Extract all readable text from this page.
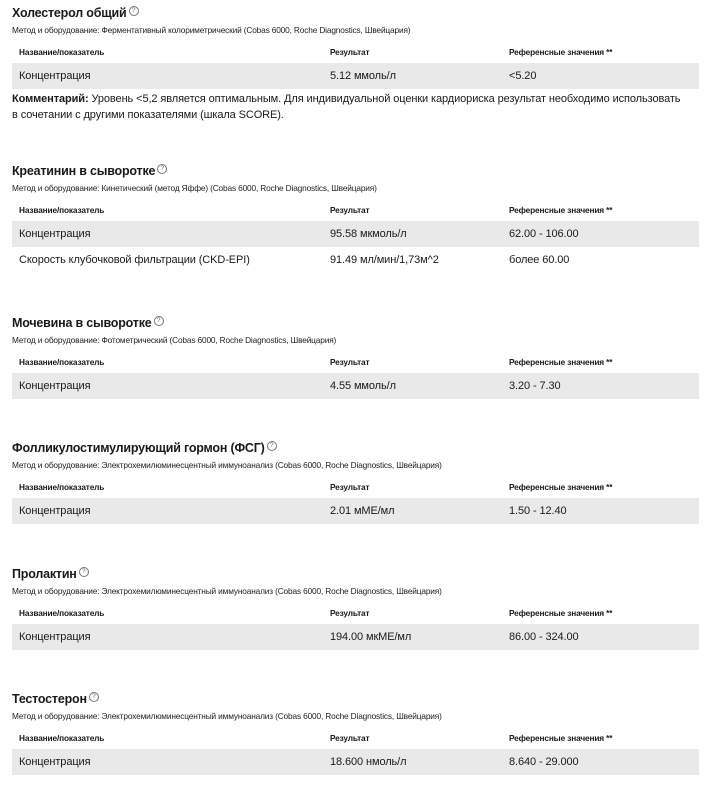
Холестерол общий ?
Метод и оборудование: Ферментативный колориметрический (Cobas 6000, Roche Diagnostics, Швейцария)
Название/показатель	Результат	Референсные значения **
Концентрация	5.12 ммоль/л	<5.20
Комментарий: Уровень <5,2 является оптимальным. Для индивидуальной оценки кардиориска результат необходимо использовать
в сочетании с другими показателями (шкала SCORE).
Креатинин в сыворотке ?
Метод и оборудование: Кинетический (метод Яффе) (Cobas 6000, Roche Diagnostics, Швейцария)
Название/показатель	Результат	Референсные значения **
Концентрация	95.58 мкмоль/л	62.00 - 106.00
Скорость клубочковой фильтрации (CKD-EPI)	91.49 мл/мин/1,73м^2	более 60.00
Мочевина в сыворотке ?
Метод и оборудование: Фотометрический (Cobas 6000, Roche Diagnostics, Швейцария)
Название/показатель	Результат	Референсные значения **
Концентрация	4.55 ммоль/л	3.20 - 7.30
Фолликулостимулирующий гормон (ФСГ) ?
Метод и оборудование: Электрохемилюминесцентный иммуноанализ (Cobas 6000, Roche Diagnostics, Швейцария)
Название/показатель	Результат	Референсные значения **
Концентрация	2.01 мМЕ/мл	1.50 - 12.40
Пролактин ?
Метод и оборудование: Электрохемилюминесцентный иммуноанализ (Cobas 6000, Roche Diagnostics, Швейцария)
Название/показатель	Результат	Референсные значения **
Концентрация	194.00 мкМЕ/мл	86.00 - 324.00
Тестостерон ?
Метод и оборудование: Электрохемилюминесцентный иммуноанализ (Cobas 6000, Roche Diagnostics, Швейцария)
Название/показатель	Результат	Референсные значения **
Концентрация	18.600 нмоль/л	8.640 - 29.000
